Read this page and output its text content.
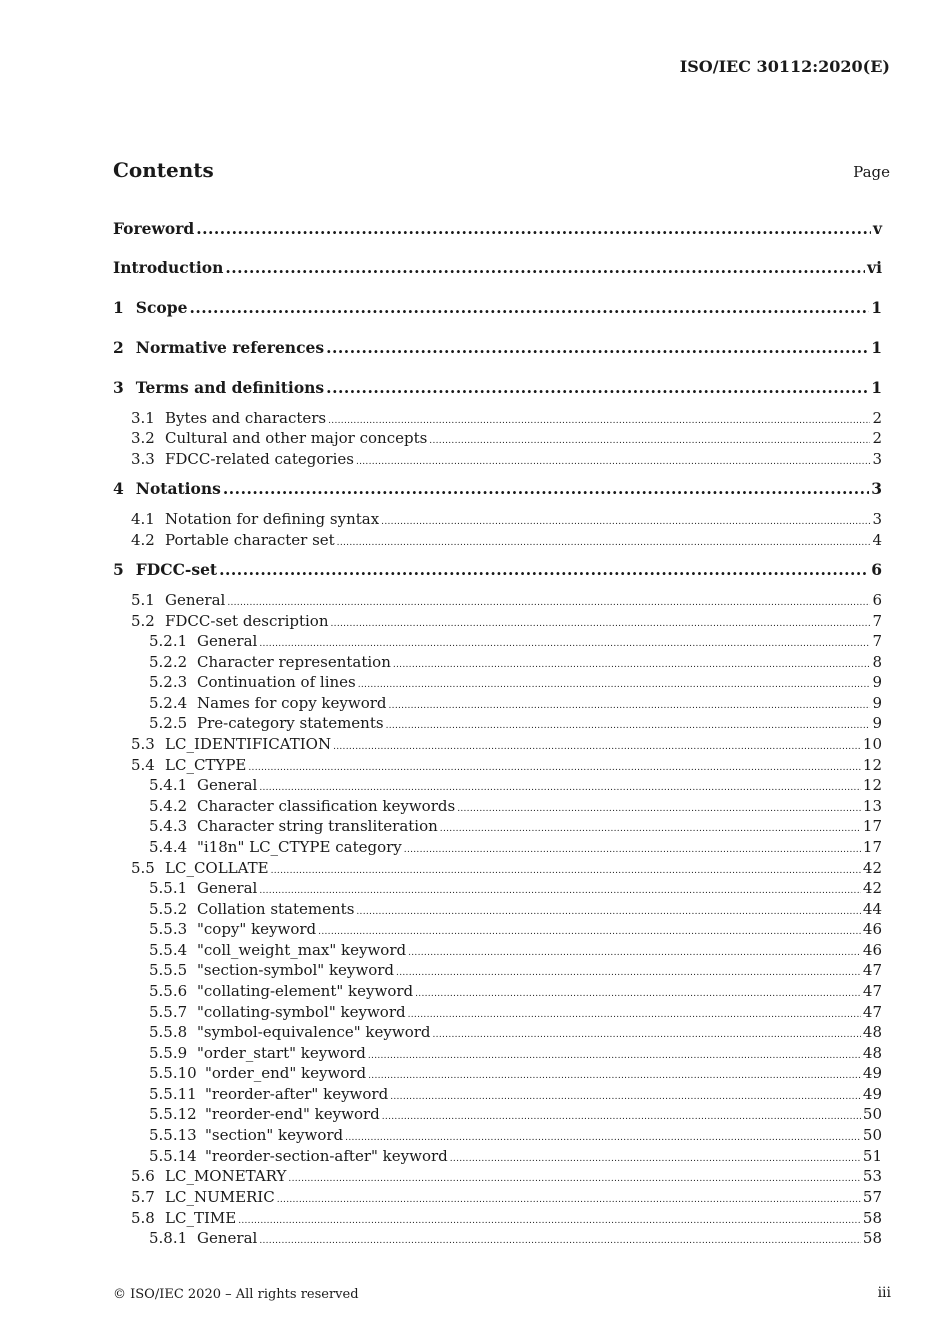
ISO/IEC 30112:2020(E)
Contents	Page
Foreword .....	v
Introduction .....	vi
1 Scope .....	1
2 Normative references .....	1
3 Terms and definitions .....	1
3.1 Bytes and characters .....	2
3.2 Cultural and other major concepts .....	2
3.3 FDCC-related categories .....	3
4 Notations .....	3
4.1 Notation for defining syntax .....	3
4.2 Portable character set .....	4
5 FDCC-set .....	6
5.1 General .....	6
5.2 FDCC-set description .....	7
5.2.1 General .....	7
5.2.2 Character representation .....	8
5.2.3 Continuation of lines .....	9
5.2.4 Names for copy keyword .....	9
5.2.5 Pre-category statements .....	9
5.3 LC_IDENTIFICATION .....	10
5.4 LC_CTYPE .....	12
5.4.1 General .....	12
5.4.2 Character classification keywords .....	13
5.4.3 Character string transliteration .....	17
5.4.4 "i18n" LC_CTYPE category .....	17
5.5 LC_COLLATE .....	42
5.5.1 General .....	42
5.5.2 Collation statements .....	44
5.5.3 "copy" keyword .....	46
5.5.4 "coll_weight_max" keyword .....	46
5.5.5 "section-symbol" keyword .....	47
5.5.6 "collating-element" keyword .....	47
5.5.7 "collating-symbol" keyword .....	47
5.5.8 "symbol-equivalence" keyword .....	48
5.5.9 "order_start" keyword .....	48
5.5.10 "order_end" keyword .....	49
5.5.11 "reorder-after" keyword .....	49
5.5.12 "reorder-end" keyword .....	50
5.5.13 "section" keyword .....	50
5.5.14 "reorder-section-after" keyword .....	51
5.6 LC_MONETARY .....	53
5.7 LC_NUMERIC .....	57
5.8 LC_TIME .....	58
5.8.1 General .....	58
© ISO/IEC 2020 – All rights reserved	iii
